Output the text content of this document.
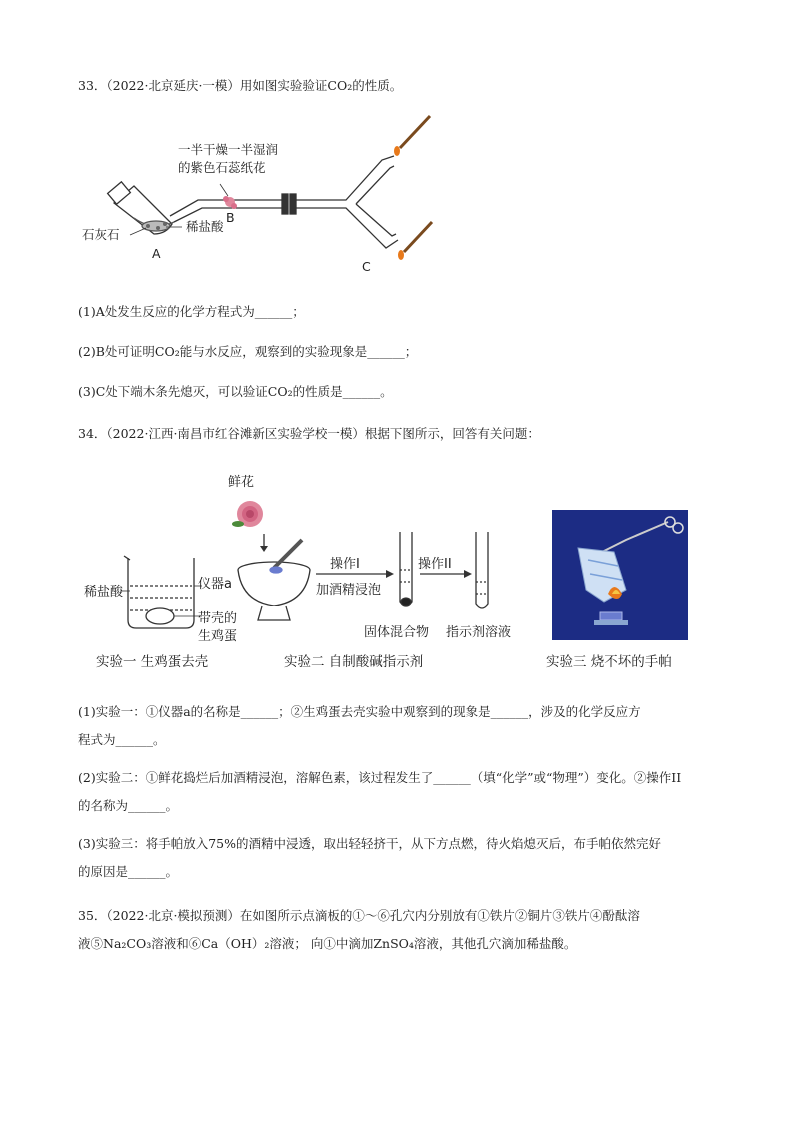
33．（2022·北京延庆·一模）用如图实验验证CO₂的性质。
一半干燥一半湿润
的紫色石蕊纸花
B
石灰石
稀盐酸
A
C
(1)A处发生反应的化学方程式为______；
(2)B处可证明CO₂能与水反应，观察到的实验现象是______；
(3)C处下端木条先熄灭，可以验证CO₂的性质是______。
34．（2022·江西·南昌市红谷滩新区实验学校一模）根据下图所示，回答有关问题：
稀盐酸
仪器a
带壳的
生鸡蛋
鲜花
操作I
加酒精浸泡
操作II
固体混合物 指示剂溶液
实验一 生鸡蛋去壳	实验二 自制酸碱指示剂	实验三 烧不坏的手帕
(1)实验一：①仪器a的名称是______；②生鸡蛋去壳实验中观察到的现象是______，涉及的化学反应方
程式为______。
(2)实验二：①鲜花捣烂后加酒精浸泡，溶解色素，该过程发生了______（填“化学”或“物理”）变化。②操作II
的名称为______。
(3)实验三：将手帕放入75%的酒精中浸透，取出轻轻挤干，从下方点燃，待火焰熄灭后，布手帕依然完好
的原因是______。
35．（2022·北京·模拟预测）在如图所示点滴板的①～⑥孔穴内分别放有①铁片②铜片③铁片④酚酞溶
液⑤Na₂CO₃溶液和⑥Ca（OH）₂溶液； 向①中滴加ZnSO₄溶液，其他孔穴滴加稀盐酸。
